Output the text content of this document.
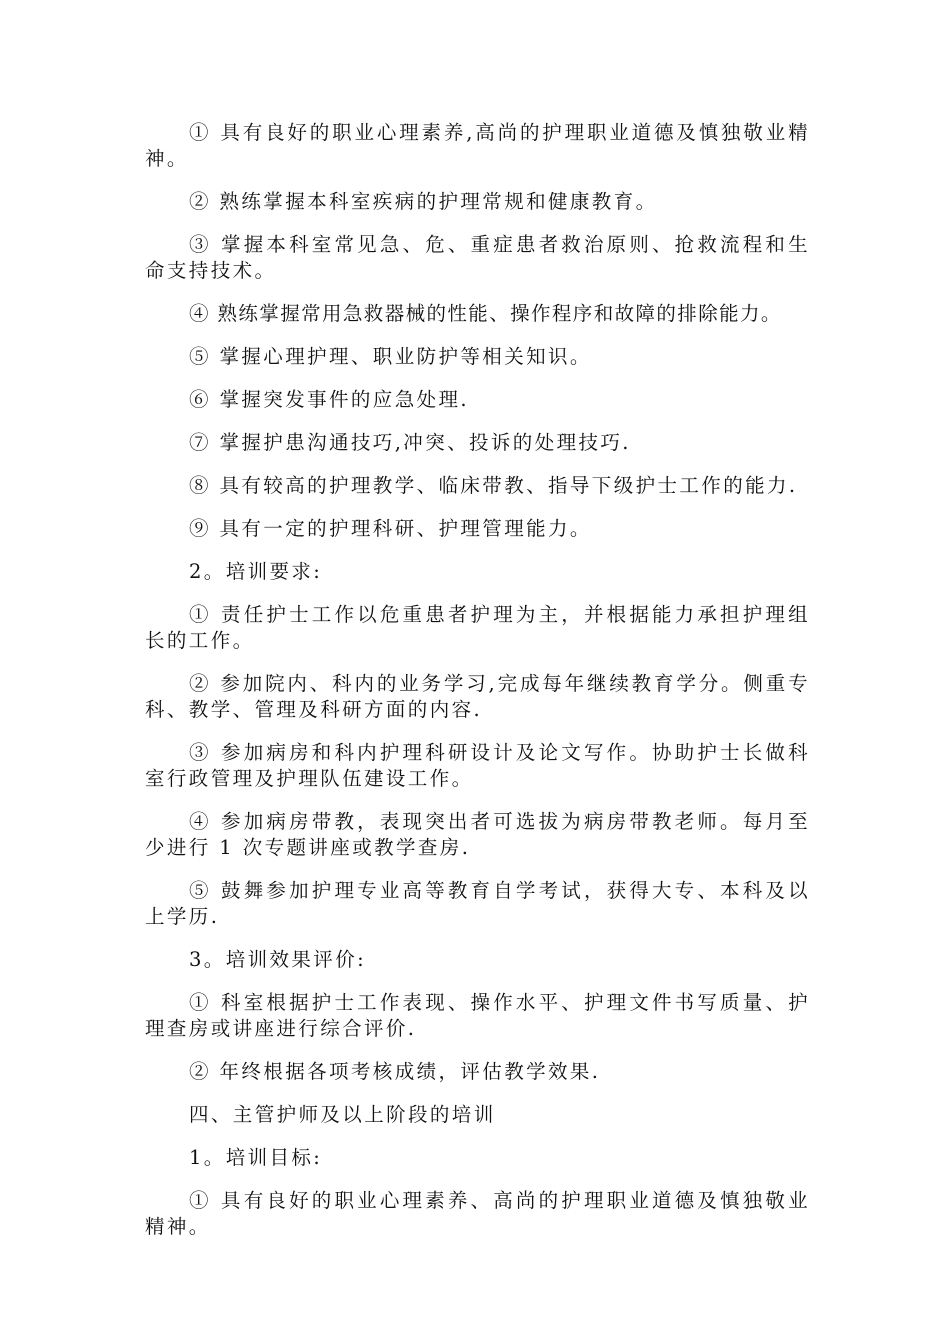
① 具有良好的职业心理素养,高尚的护理职业道德及慎独敬业精神。

② 熟练掌握本科室疾病的护理常规和健康教育。

③ 掌握本科室常见急、危、重症患者救治原则、抢救流程和生命支持技术。

④ 熟练掌握常用急救器械的性能、操作程序和故障的排除能力。

⑤ 掌握心理护理、职业防护等相关知识。

⑥ 掌握突发事件的应急处理.

⑦ 掌握护患沟通技巧,冲突、投诉的处理技巧.

⑧ 具有较高的护理教学、临床带教、指导下级护士工作的能力.

⑨ 具有一定的护理科研、护理管理能力。

2。培训要求:

① 责任护士工作以危重患者护理为主，并根据能力承担护理组长的工作。

② 参加院内、科内的业务学习,完成每年继续教育学分。侧重专科、教学、管理及科研方面的内容.

③ 参加病房和科内护理科研设计及论文写作。协助护士长做科室行政管理及护理队伍建设工作。

④ 参加病房带教，表现突出者可选拔为病房带教老师。每月至少进行 1 次专题讲座或教学查房.

⑤ 鼓舞参加护理专业高等教育自学考试，获得大专、本科及以上学历.

3。培训效果评价:

① 科室根据护士工作表现、操作水平、护理文件书写质量、护理查房或讲座进行综合评价.

② 年终根据各项考核成绩，评估教学效果.

四、主管护师及以上阶段的培训

1。培训目标:

① 具有良好的职业心理素养、高尚的护理职业道德及慎独敬业精神。
